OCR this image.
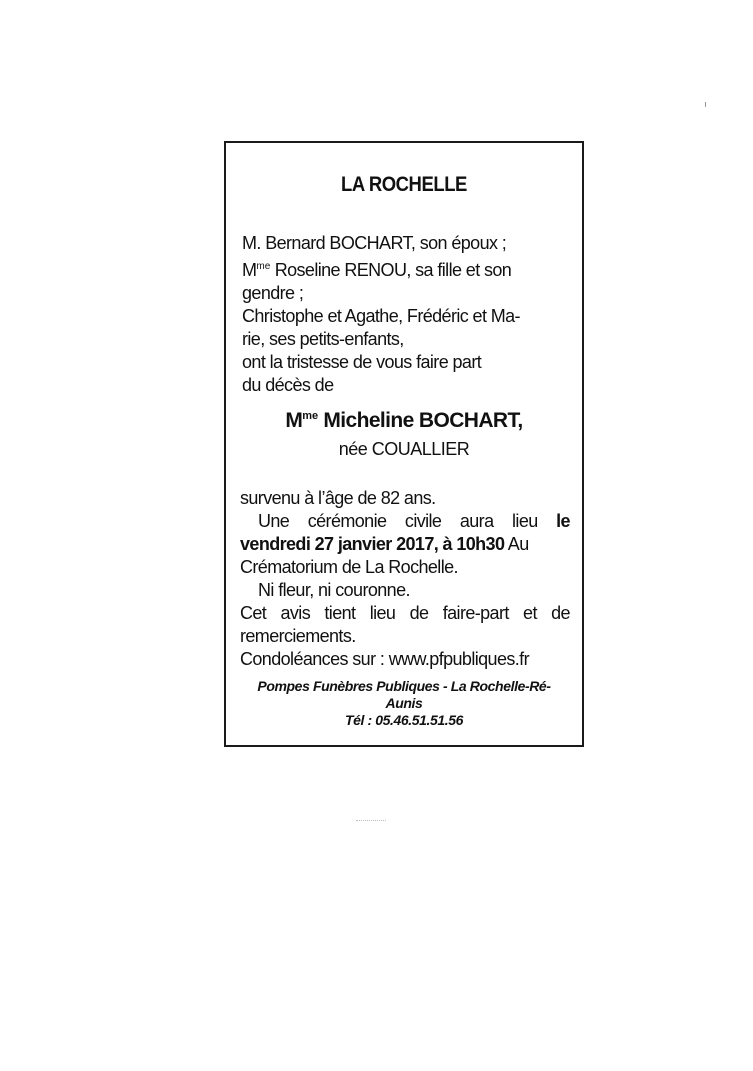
LA ROCHELLE
M. Bernard BOCHART, son époux ;
$M^{me}$ Roseline RENOU, sa fille et son
gendre ;
Christophe et Agathe, Frédéric et Ma-
rie, ses petits-enfants,
ont la tristesse de vous faire part
du décès de
$M^{me}$ Micheline BOCHART,
née COUALLIER
survenu à l’âge de 82 ans.
Une cérémonie civile aura lieu le
vendredi 27 janvier 2017, à 10h30 Au
Crématorium de La Rochelle.
Ni fleur, ni couronne.
Cet avis tient lieu de faire-part et de
remerciements.
Condoléances sur : www.pfpubliques.fr
Pompes Funèbres Publiques - La Rochelle-Ré-
Aunis
Tél : 05.46.51.51.56
